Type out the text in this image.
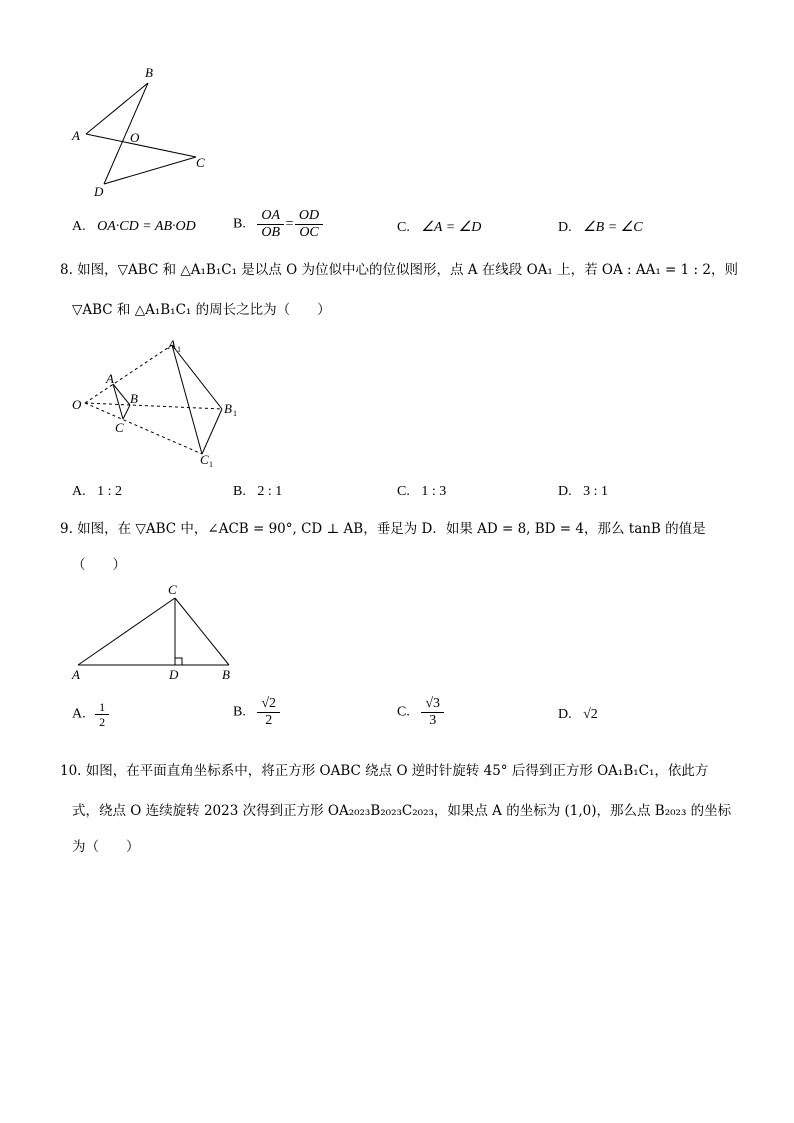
B
A	O
C
D
A. OA·CD = AB·OD	B. $\frac{OA}{OB} = \frac{OD}{OC}$	C. ∠A = ∠D	D. ∠B = ∠C
8. 如图，▽ABC 和 △A₁B₁C₁ 是以点 O 为位似中心的位似图形，点 A 在线段 OA₁ 上，若 OA : AA₁ = 1 : 2，则
▽ABC 和 △A₁B₁C₁ 的周长之比为（　　）
O
A
B
C
A 1
B 1
C 1
A. 1 : 2	B. 2 : 1	C. 1 : 3	D. 3 : 1
9. 如图，在 ▽ABC 中，∠ACB = 90°, CD ⊥ AB，垂足为 D．如果 AD = 8, BD = 4，那么 tanB 的值是
（　　）
C
A	D	B
A. $\frac{1}{2}$	B. $\frac{√2}{2}$	C. $\frac{√3}{3}$	D. √2
10. 如图，在平面直角坐标系中，将正方形 OABC 绕点 O 逆时针旋转 45° 后得到正方形 OA₁B₁C₁，依此方
式，绕点 O 连续旋转 2023 次得到正方形 OA₂₀₂₃B₂₀₂₃C₂₀₂₃，如果点 A 的坐标为 (1,0)，那么点 B₂₀₂₃ 的坐标
为（　　）
